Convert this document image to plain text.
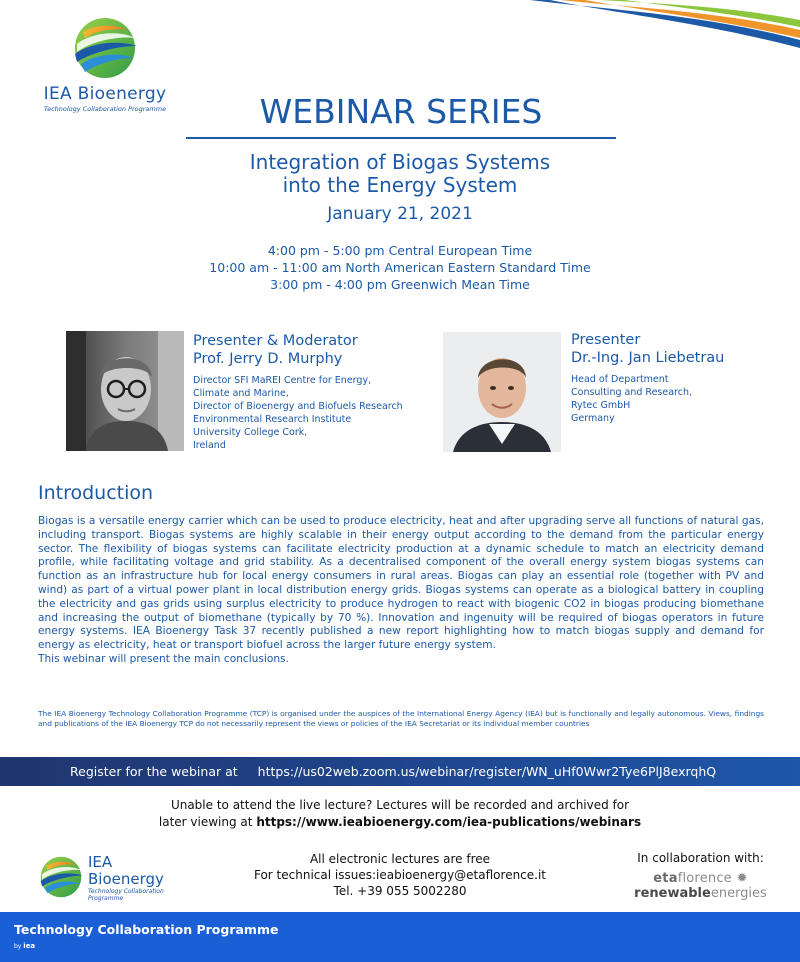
IEA Bioenergy
Technology Collaboration Programme	WEBINAR SERIES
Integration of Biogas Systems
into the Energy System
January 21, 2021
4:00 pm - 5:00 pm Central European Time
10:00 am - 11:00 am North American Eastern Standard Time
3:00 pm - 4:00 pm Greenwich Mean Time
Presenter & Moderator
Prof. Jerry D. Murphy
Director SFI MaREI Centre for Energy,
Climate and Marine,
Director of Bioenergy and Biofuels Research
Environmental Research Institute
University College Cork,
Ireland
Presenter
Dr.-Ing. Jan Liebetrau
Head of Department
Consulting and Research,
Rytec GmbH
Germany
Introduction
Biogas is a versatile energy carrier which can be used to produce electricity, heat and after upgrading serve all functions of natural gas, including transport. Biogas systems are highly scalable in their energy output according to the demand from the particular energy sector. The flexibility of biogas systems can facilitate electricity production at a dynamic schedule to match an electricity demand profile, while facilitating voltage and grid stability. As a decentralised component of the overall energy system biogas systems can function as an infrastructure hub for local energy consumers in rural areas. Biogas can play an essential role (together with PV and wind) as part of a virtual power plant in local distribution energy grids. Biogas systems can operate as a biological battery in coupling the electricity and gas grids using surplus electricity to produce hydrogen to react with biogenic CO2 in biogas producing biomethane and increasing the output of biomethane (typically by 70 %). Innovation and ingenuity will be required of biogas operators in future energy systems. IEA Bioenergy Task 37 recently published a new report highlighting how to match biogas supply and demand for energy as electricity, heat or transport biofuel across the larger future energy system.
This webinar will present the main conclusions.
The IEA Bioenergy Technology Collaboration Programme (TCP) is organised under the auspices of the International Energy Agency (IEA) but is functionally and legally autonomous. Views, findings and publications of the IEA Bioenergy TCP do not necessarily represent the views or policies of the IEA Secretariat or its individual member countries
Register for the webinar at https://us02web.zoom.us/webinar/register/WN_uHf0Wwr2Tye6PlJ8exrqhQ
Unable to attend the live lecture? Lectures will be recorded and archived for
later viewing at https://www.ieabioenergy.com/iea-publications/webinars
IEA
Bioenergy
Technology Collaboration Programme
All electronic lectures are free
For technical issues:ieabioenergy@etaflorence.it
Tel. +39 055 5002280
In collaboration with:
etaflorence ✹
renewableenergies
Technology Collaboration Programme
by iea
